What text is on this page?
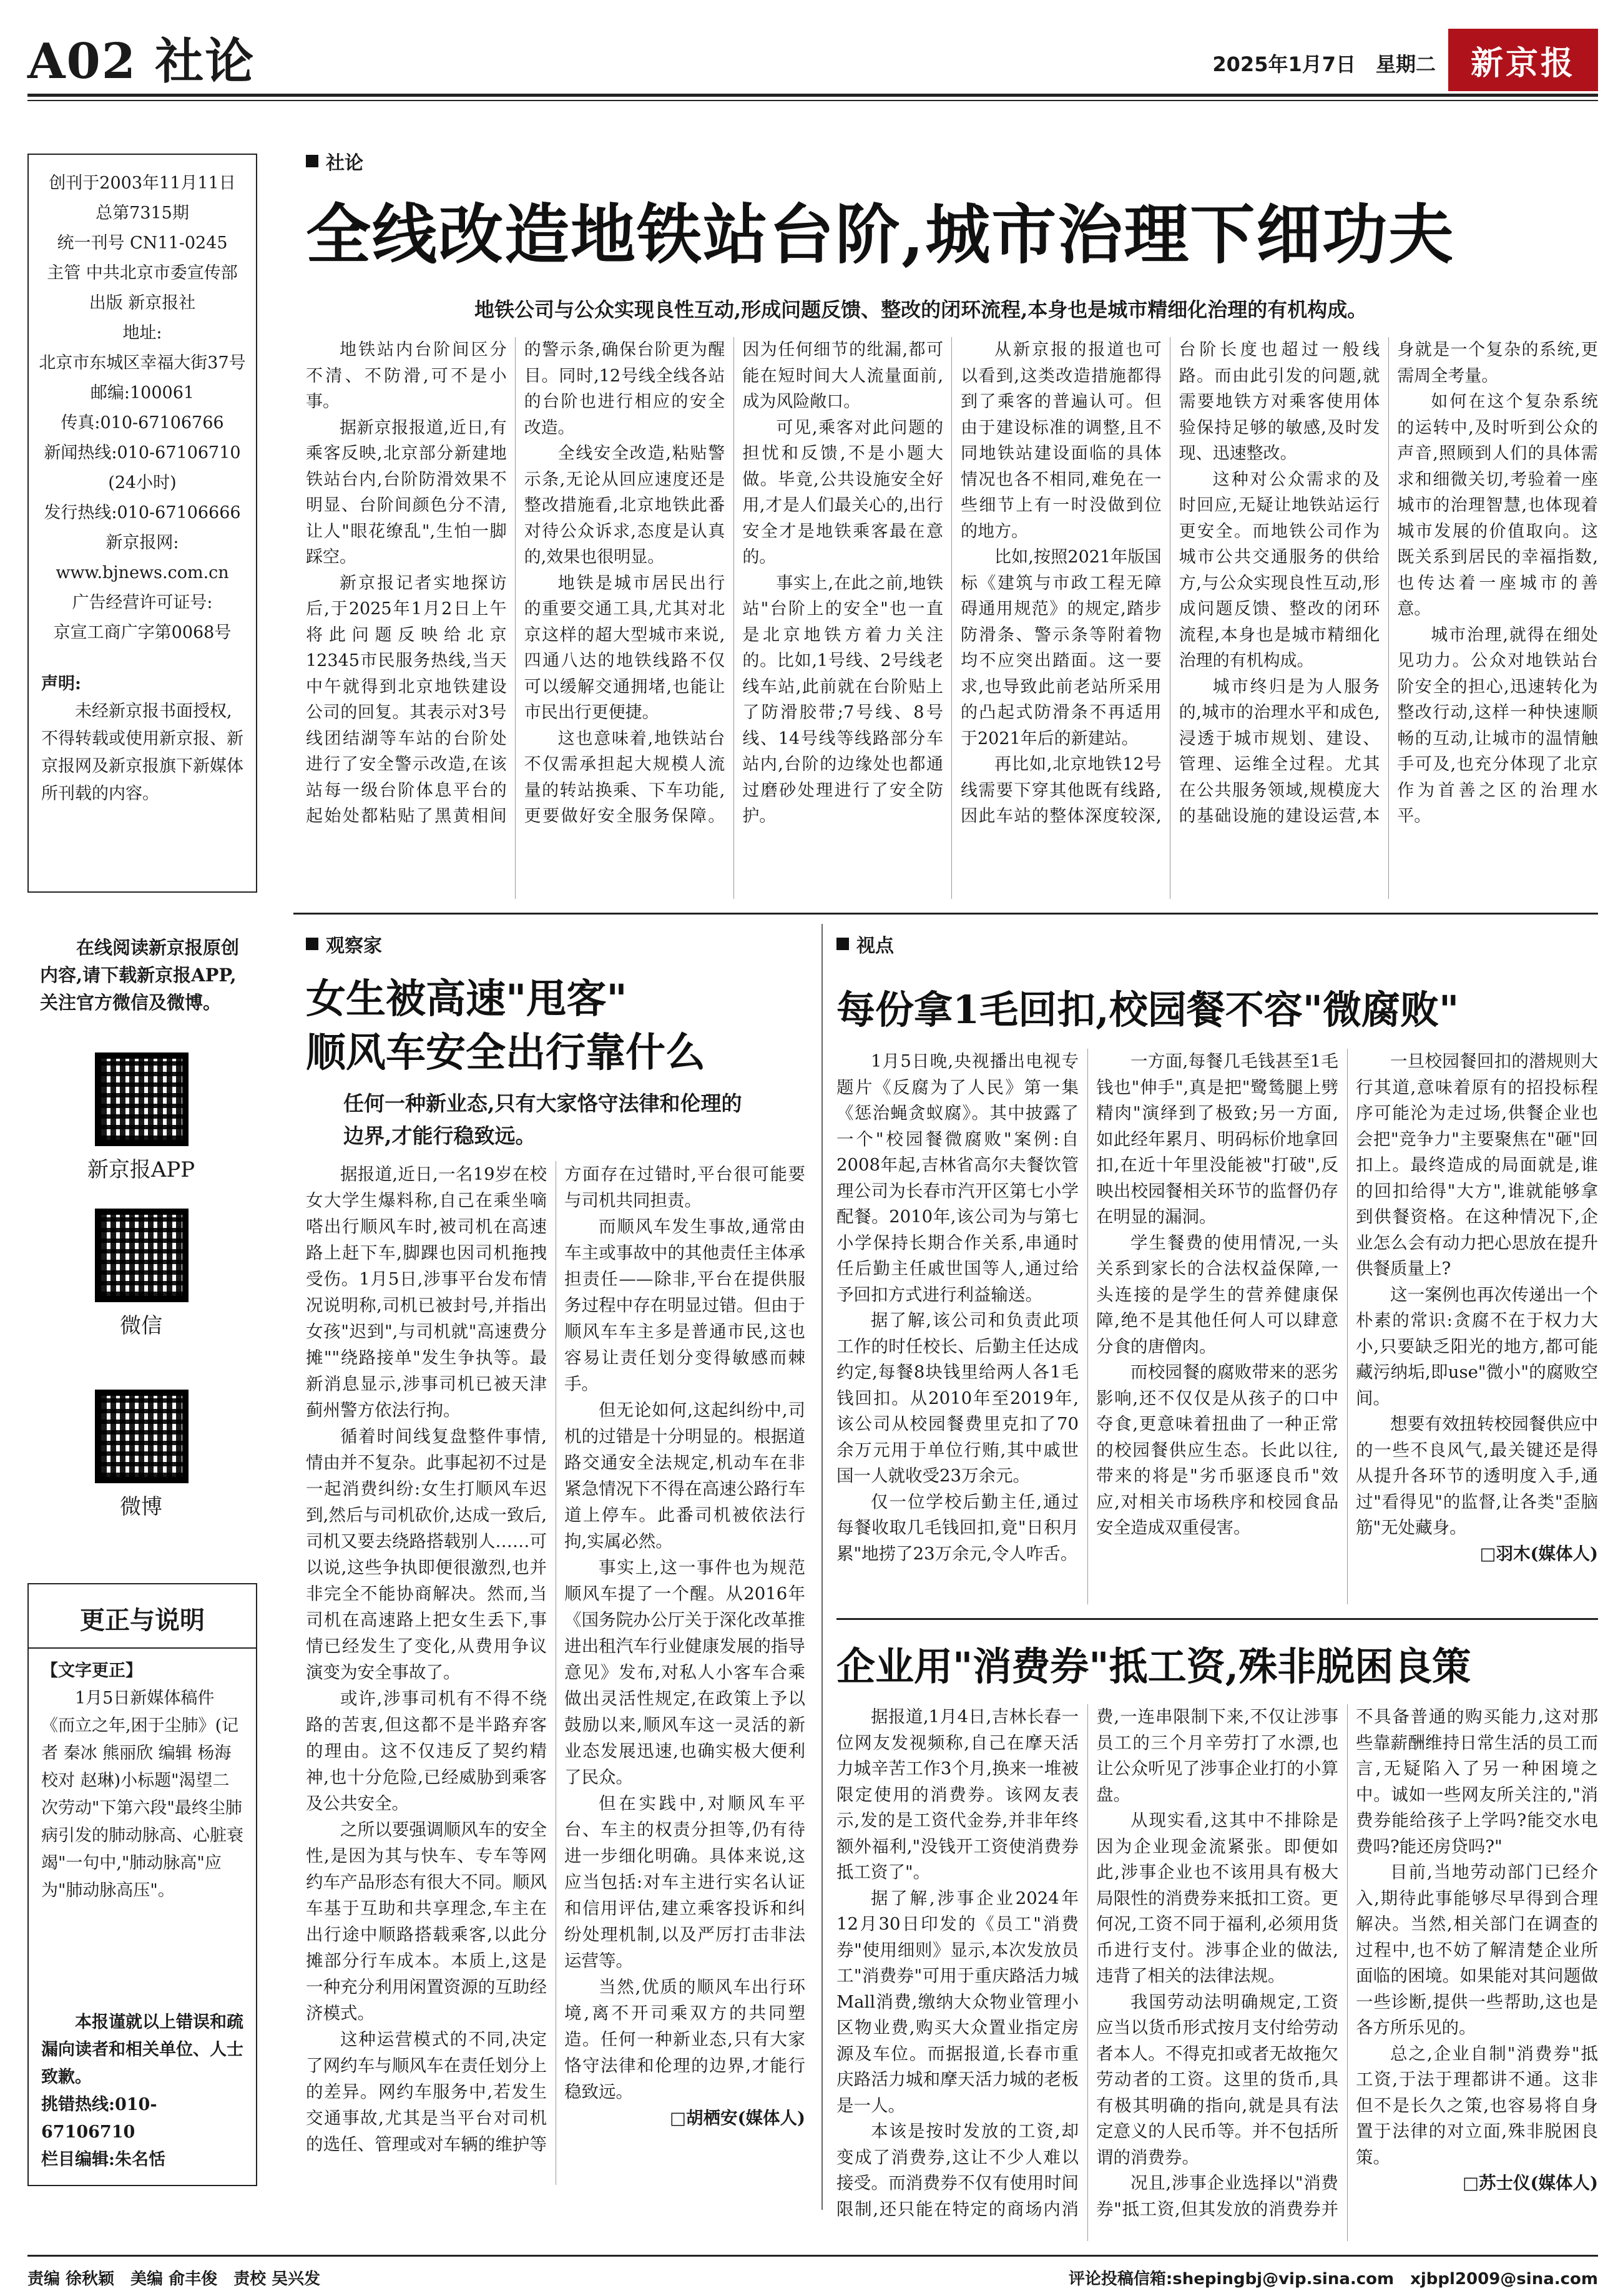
A02 社论	2025年1月7日　星期二	新京报
创刊于2003年11月11日
总第7315期
统一刊号 CN11-0245
主管 中共北京市委宣传部
出版 新京报社
地址:
北京市东城区幸福大街37号
邮编:100061
传真:010-67106766
新闻热线:010-67106710
(24小时)
发行热线:010-67106666
新京报网:
www.bjnews.com.cn
广告经营许可证号:
京宣工商广字第0068号
声明:

未经新京报书面授权,不得转载或使用新京报、新京报网及新京报旗下新媒体所刊载的内容。
在线阅读新京报原创内容,请下载新京报APP,关注官方微信及微博。
新京报APP
微信
微博
更正与说明
【文字更正】
1月5日新媒体稿件《而立之年,困于尘肺》(记者 秦冰 熊丽欣 编辑 杨海 校对 赵琳)小标题"渴望二次劳动"下第六段"最终尘肺病引发的肺动脉高、心脏衰竭"一句中,"肺动脉高"应为"肺动脉高压"。
本报谨就以上错误和疏漏向读者和相关单位、人士致歉。
挑错热线:010-67106710
栏目编辑:朱名恬
社论
全线改造地铁站台阶,城市治理下细功夫
地铁公司与公众实现良性互动,形成问题反馈、整改的闭环流程,本身也是城市精细化治理的有机构成。

地铁站内台阶间区分不清、不防滑,可不是小事。

据新京报报道,近日,有乘客反映,北京部分新建地铁站台内,台阶防滑效果不明显、台阶间颜色分不清,让人"眼花缭乱",生怕一脚踩空。

新京报记者实地探访后,于2025年1月2日上午将此问题反映给北京12345市民服务热线,当天中午就得到北京地铁建设公司的回复。其表示对3号线团结湖等车站的台阶处进行了安全警示改造,在该站每一级台阶体息平台的起始处都粘贴了黑黄相间的警示条,确保台阶更为醒目。同时,12号线全线各站的台阶也进行相应的安全改造。

全线安全改造,粘贴警示条,无论从回应速度还是整改措施看,北京地铁此番对待公众诉求,态度是认真的,效果也很明显。

地铁是城市居民出行的重要交通工具,尤其对北京这样的超大型城市来说,四通八达的地铁线路不仅可以缓解交通拥堵,也能让市民出行更便捷。

这也意味着,地铁站台不仅需承担起大规模人流量的转站换乘、下车功能,更要做好安全服务保障。因为任何细节的纰漏,都可能在短时间大人流量面前,成为风险敞口。

可见,乘客对此问题的担忧和反馈,不是小题大做。毕竟,公共设施安全好用,才是人们最关心的,出行安全才是地铁乘客最在意的。

事实上,在此之前,地铁站"台阶上的安全"也一直是北京地铁方着力关注的。比如,1号线、2号线老线车站,此前就在台阶贴上了防滑胶带;7号线、8号线、14号线等线路部分车站内,台阶的边缘处也都通过磨砂处理进行了安全防护。

从新京报的报道也可以看到,这类改造措施都得到了乘客的普遍认可。但由于建设标准的调整,且不同地铁站建设面临的具体情况也各不相同,难免在一些细节上有一时没做到位的地方。

比如,按照2021年版国标《建筑与市政工程无障碍通用规范》的规定,踏步防滑条、警示条等附着物均不应突出踏面。这一要求,也导致此前老站所采用的凸起式防滑条不再适用于2021年后的新建站。

再比如,北京地铁12号线需要下穿其他既有线路,因此车站的整体深度较深,台阶长度也超过一般线路。而由此引发的问题,就需要地铁方对乘客使用体验保持足够的敏感,及时发现、迅速整改。

这种对公众需求的及时回应,无疑让地铁站运行更安全。而地铁公司作为城市公共交通服务的供给方,与公众实现良性互动,形成问题反馈、整改的闭环流程,本身也是城市精细化治理的有机构成。

城市终归是为人服务的,城市的治理水平和成色,浸透于城市规划、建设、管理、运维全过程。尤其在公共服务领域,规模庞大的基础设施的建设运营,本身就是一个复杂的系统,更需周全考量。

如何在这个复杂系统的运转中,及时听到公众的声音,照顾到人们的具体需求和细微关切,考验着一座城市的治理智慧,也体现着城市发展的价值取向。这既关系到居民的幸福指数,也传达着一座城市的善意。

城市治理,就得在细处见功力。公众对地铁站台阶安全的担心,迅速转化为整改行动,这样一种快速顺畅的互动,让城市的温情触手可及,也充分体现了北京作为首善之区的治理水平。

观察家
女生被高速"甩客"
顺风车安全出行靠什么
任何一种新业态,只有大家恪守法律和伦理的边界,才能行稳致远。

据报道,近日,一名19岁在校女大学生爆料称,自己在乘坐嘀嗒出行顺风车时,被司机在高速路上赶下车,脚踝也因司机拖拽受伤。1月5日,涉事平台发布情况说明称,司机已被封号,并指出女孩"迟到",与司机就"高速费分摊""绕路接单"发生争执等。最新消息显示,涉事司机已被天津蓟州警方依法行拘。

循着时间线复盘整件事情,情由并不复杂。此事起初不过是一起消费纠纷:女生打顺风车迟到,然后与司机砍价,达成一致后,司机又要去绕路搭载别人……可以说,这些争执即便很激烈,也并非完全不能协商解决。然而,当司机在高速路上把女生丢下,事情已经发生了变化,从费用争议演变为安全事故了。

或许,涉事司机有不得不绕路的苦衷,但这都不是半路弃客的理由。这不仅违反了契约精神,也十分危险,已经威胁到乘客及公共安全。

之所以要强调顺风车的安全性,是因为其与快车、专车等网约车产品形态有很大不同。顺风车基于互助和共享理念,车主在出行途中顺路搭载乘客,以此分摊部分行车成本。本质上,这是一种充分利用闲置资源的互助经济模式。

这种运营模式的不同,决定了网约车与顺风车在责任划分上的差异。网约车服务中,若发生交通事故,尤其是当平台对司机的选任、管理或对车辆的维护等方面存在过错时,平台很可能要与司机共同担责。

而顺风车发生事故,通常由车主或事故中的其他责任主体承担责任——除非,平台在提供服务过程中存在明显过错。但由于顺风车车主多是普通市民,这也容易让责任划分变得敏感而棘手。

但无论如何,这起纠纷中,司机的过错是十分明显的。根据道路交通安全法规定,机动车在非紧急情况下不得在高速公路行车道上停车。此番司机被依法行拘,实属必然。

事实上,这一事件也为规范顺风车提了一个醒。从2016年《国务院办公厅关于深化改革推进出租汽车行业健康发展的指导意见》发布,对私人小客车合乘做出灵活性规定,在政策上予以鼓励以来,顺风车这一灵活的新业态发展迅速,也确实极大便利了民众。

但在实践中,对顺风车平台、车主的权责分担等,仍有待进一步细化明确。具体来说,这应当包括:对车主进行实名认证和信用评估,建立乘客投诉和纠纷处理机制,以及严厉打击非法运营等。

当然,优质的顺风车出行环境,离不开司乘双方的共同塑造。任何一种新业态,只有大家恪守法律和伦理的边界,才能行稳致远。

□胡栖安(媒体人)

视点
每份拿1毛回扣,校园餐不容"微腐败"

1月5日晚,央视播出电视专题片《反腐为了人民》第一集《惩治蝇贪蚁腐》。其中披露了一个"校园餐微腐败"案例:自2008年起,吉林省高尔夫餐饮管理公司为长春市汽开区第七小学配餐。2010年,该公司为与第七小学保持长期合作关系,串通时任后勤主任戚世国等人,通过给予回扣方式进行利益输送。

据了解,该公司和负责此项工作的时任校长、后勤主任达成约定,每餐8块钱里给两人各1毛钱回扣。从2010年至2019年,该公司从校园餐费里克扣了70余万元用于单位行贿,其中戚世国一人就收受23万余元。

仅一位学校后勤主任,通过每餐收取几毛钱回扣,竟"日积月累"地捞了23万余元,令人咋舌。

一方面,每餐几毛钱甚至1毛钱也"伸手",真是把"鹭鸶腿上劈精肉"演绎到了极致;另一方面,如此经年累月、明码标价地拿回扣,在近十年里没能被"打破",反映出校园餐相关环节的监督仍存在明显的漏洞。

学生餐费的使用情况,一头关系到家长的合法权益保障,一头连接的是学生的营养健康保障,绝不是其他任何人可以肆意分食的唐僧肉。

而校园餐的腐败带来的恶劣影响,还不仅仅是从孩子的口中夺食,更意味着扭曲了一种正常的校园餐供应生态。长此以往,带来的将是"劣币驱逐良币"效应,对相关市场秩序和校园食品安全造成双重侵害。

一旦校园餐回扣的潜规则大行其道,意味着原有的招投标程序可能沦为走过场,供餐企业也会把"竞争力"主要聚焦在"砸"回扣上。最终造成的局面就是,谁的回扣给得"大方",谁就能够拿到供餐资格。在这种情况下,企业怎么会有动力把心思放在提升供餐质量上?

这一案例也再次传递出一个朴素的常识:贪腐不在于权力大小,只要缺乏阳光的地方,都可能藏污纳垢,即use"微小"的腐败空间。

想要有效扭转校园餐供应中的一些不良风气,最关键还是得从提升各环节的透明度入手,通过"看得见"的监督,让各类"歪脑筋"无处藏身。

□羽木(媒体人)

企业用"消费券"抵工资,殊非脱困良策

据报道,1月4日,吉林长春一位网友发视频称,自己在摩天活力城辛苦工作3个月,换来一堆被限定使用的消费券。该网友表示,发的是工资代金券,并非年终额外福利,"没钱开工资使消费券抵工资了"。

据了解,涉事企业2024年12月30日印发的《员工"消费券"使用细则》显示,本次发放员工"消费券"可用于重庆路活力城Mall消费,缴纳大众物业管理小区物业费,购买大众置业指定房源及车位。而据报道,长春市重庆路活力城和摩天活力城的老板是一人。

本该是按时发放的工资,却变成了消费券,这让不少人难以接受。而消费券不仅有使用时间限制,还只能在特定的商场内消费,一连串限制下来,不仅让涉事员工的三个月辛劳打了水漂,也让公众听见了涉事企业打的小算盘。

从现实看,这其中不排除是因为企业现金流紧张。即便如此,涉事企业也不该用具有极大局限性的消费券来抵扣工资。更何况,工资不同于福利,必须用货币进行支付。涉事企业的做法,违背了相关的法律法规。

我国劳动法明确规定,工资应当以货币形式按月支付给劳动者本人。不得克扣或者无故拖欠劳动者的工资。这里的货币,具有极其明确的指向,就是具有法定意义的人民币等。并不包括所谓的消费券。

况且,涉事企业选择以"消费券"抵工资,但其发放的消费券并不具备普通的购买能力,这对那些靠薪酬维持日常生活的员工而言,无疑陷入了另一种困境之中。诚如一些网友所关注的,"消费券能给孩子上学吗?能交水电费吗?能还房贷吗?"

目前,当地劳动部门已经介入,期待此事能够尽早得到合理解决。当然,相关部门在调查的过程中,也不妨了解清楚企业所面临的困境。如果能对其问题做一些诊断,提供一些帮助,这也是各方所乐见的。

总之,企业自制"消费券"抵工资,于法于理都讲不通。这非但不是长久之策,也容易将自身置于法律的对立面,殊非脱困良策。

□苏士仪(媒体人)

责编 徐秋颖　美编 俞丰俊　责校 吴兴发	评论投稿信箱:shepingbj@vip.sina.com　xjbpl2009@sina.com
